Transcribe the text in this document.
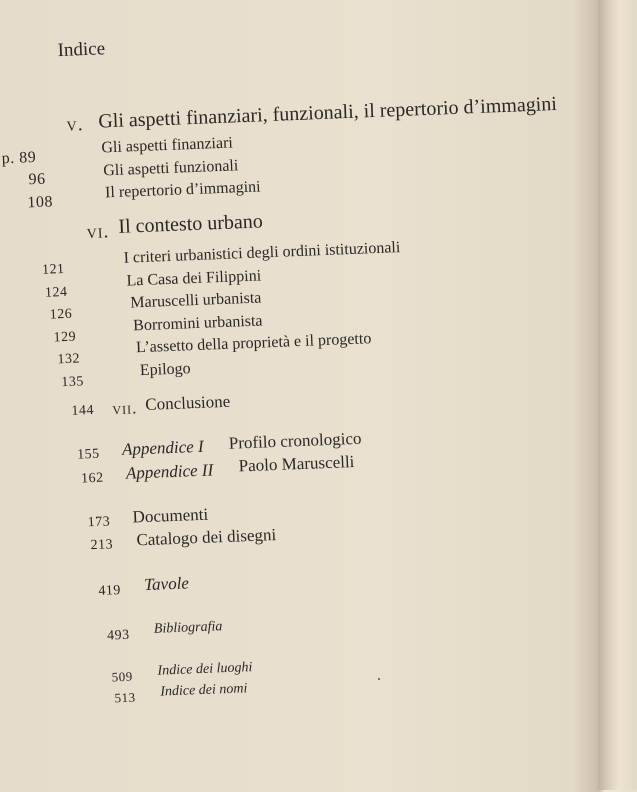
Indice
v. Gli aspetti finanziari, funzionali, il repertorio d’immagini
p. 89
Gli aspetti finanziari
96
Gli aspetti funzionali
108
Il repertorio d’immagini
vi. Il contesto urbano
121
I criteri urbanistici degli ordini istituzionali
124
La Casa dei Filippini
126
Maruscelli urbanista
129
Borromini urbanista
132
L’assetto della proprietà e il progetto
135
Epilogo
144 vii. Conclusione
155 Appendice I Profilo cronologico
162 Appendice II Paolo Maruscelli
173 Documenti
213 Catalogo dei disegni
419 Tavole
493 Bibliografia
509 Indice dei luoghi
513 Indice dei nomi
